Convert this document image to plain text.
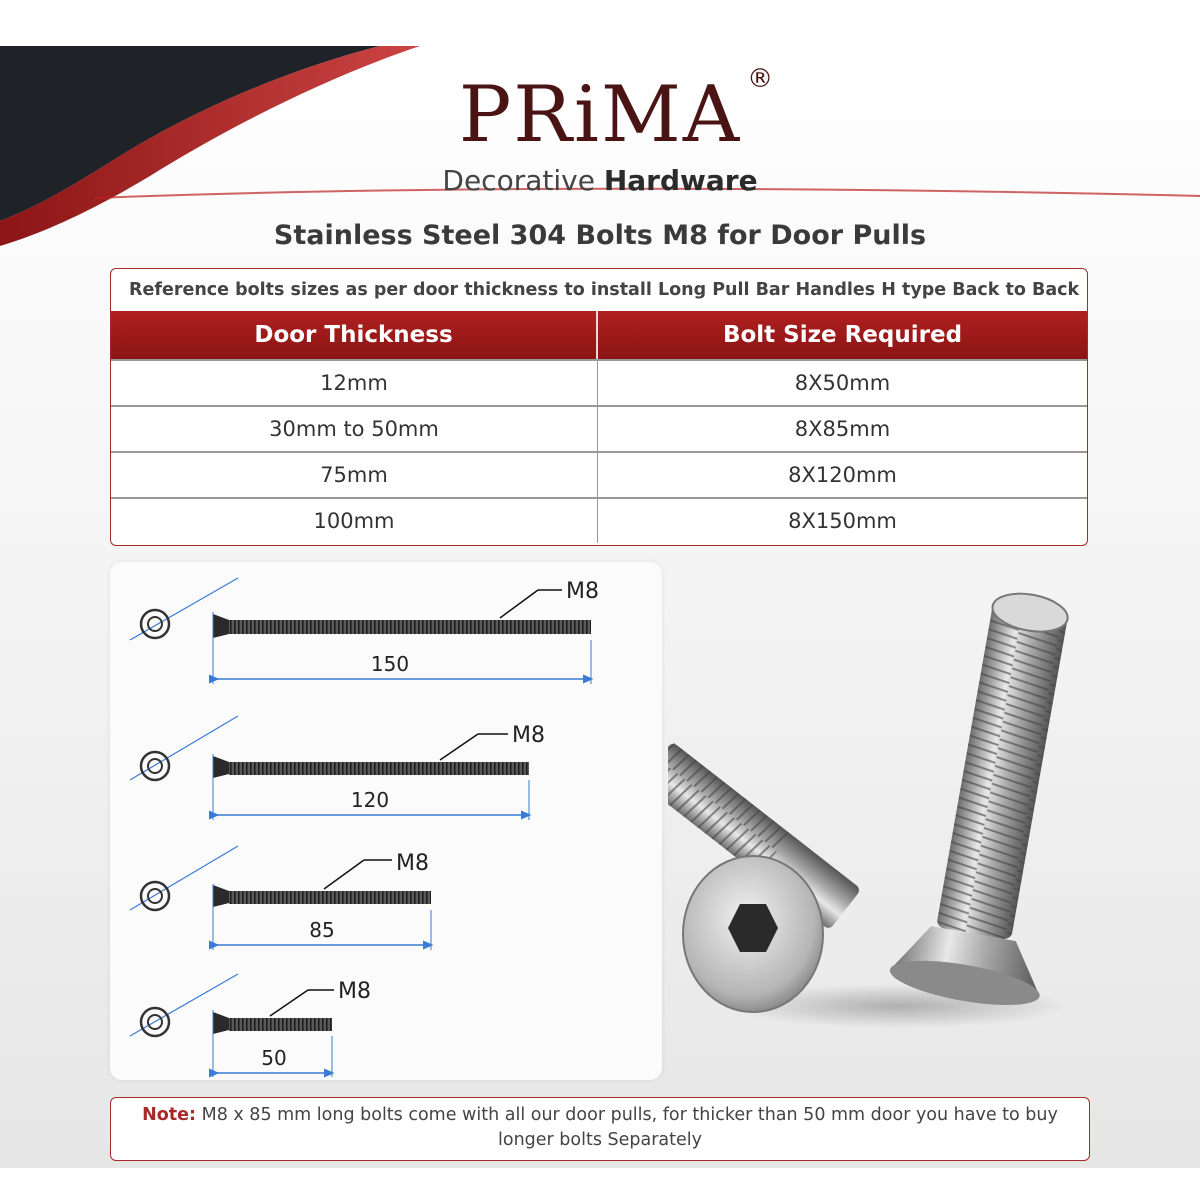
PRiMA ®
Decorative Hardware
Stainless Steel 304 Bolts M8 for Door Pulls
Reference bolts sizes as per door thickness to install Long Pull Bar Handles H type Back to Back
Door Thickness	Bolt Size Required
12mm	8X50mm
30mm to 50mm	8X85mm
75mm	8X120mm
100mm	8X150mm
M8
150
M8
120
M8
85
M8
50
Note: M8 x 85 mm long bolts come with all our door pulls, for thicker than 50 mm door you have to buy longer bolts Separately
